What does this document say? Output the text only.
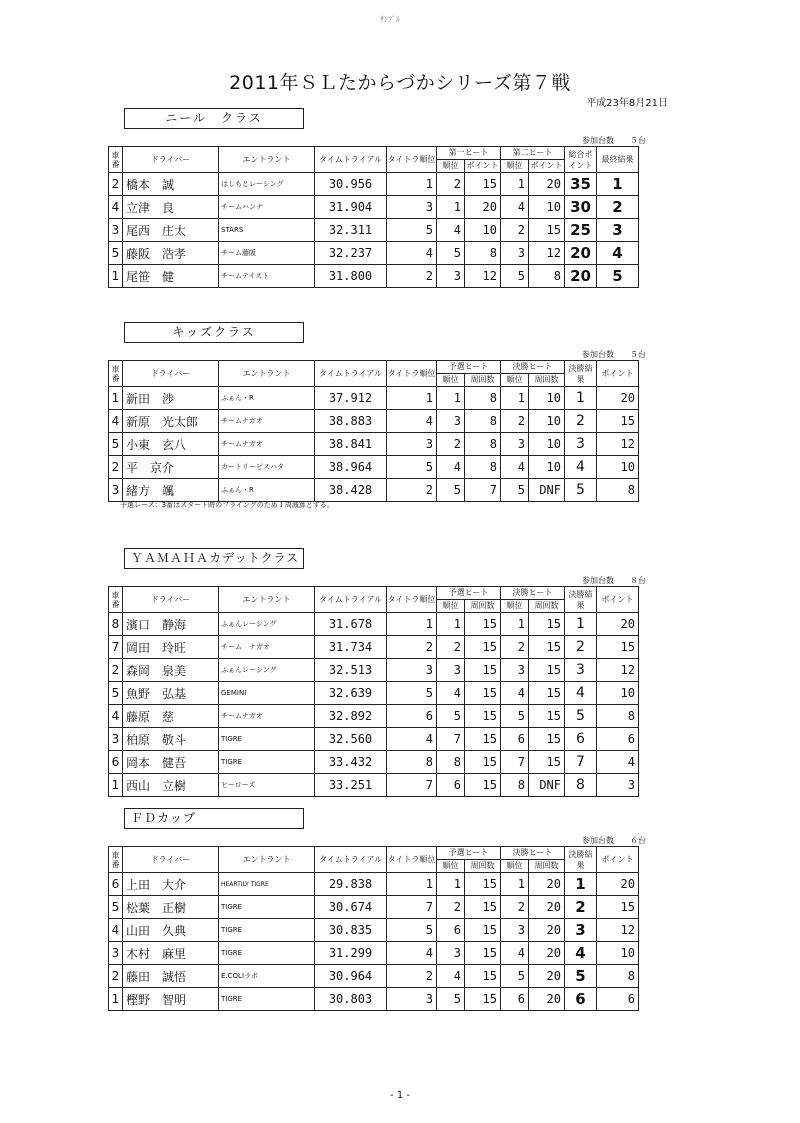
ｻﾝﾌﾟﾙ
2011年ＳＬたからづかシリーズ第７戦
平成23年8月21日
ニール　クラス
参加台数　　５台
車番	ドライバー	エントラント	タイムトライアル	タイトラ順位	第一ヒート		第二ヒート		総合ポイント	最終結果
					順位	ポイント	順位	ポイント		
2	橋本　誠	はしもとレーシング	30.956	1	2	15	1	20	35	1
4	立津　良	チームハンナ	31.904	3	1	20	4	10	30	2
3	尾西　庄太	STARS	32.311	5	4	10	2	15	25	3
5	藤阪　浩孝	チーム藤阪	32.237	4	5	8	3	12	20	4
1	尾笹　健	チームテイスト	31.800	2	3	12	5	8	20	5
キッズクラス
参加台数　　５台
車番	ドライバー	エントラント	タイムトライアル	タイトラ順位	予選ヒート		決勝ヒート		決勝結果	ポイント
					順位	周回数	順位	周回数		
1	新田　渉	ふぁん・R	37.912	1	1	8	1	10	1	20
4	新原　光太郎	チームナガオ	38.883	4	3	8	2	10	2	15
5	小東　玄八	チームナガオ	38.841	3	2	8	3	10	3	12
2	平　京介	カートリーピスハタ	38.964	5	4	8	4	10	4	10
3	緒方　颯	ふぁん・R	38.428	2	5	7	5	DNF	5	8
予選レース：3番はスタート時のフライングのため１周減算とする。
ＹＡＭＡＨＡカデットクラス
参加台数　　８台
車番	ドライバー	エントラント	タイムトライアル	タイトラ順位	予選ヒート		決勝ヒート		決勝結果	ポイント
					順位	周回数	順位	周回数		
8	濱口　静海	ふぁんレーシング	31.678	1	1	15	1	15	1	20
7	岡田　玲旺	チーム　ナガオ	31.734	2	2	15	2	15	2	15
2	森岡　泉美	ふぁんレーシング	32.513	3	3	15	3	15	3	12
5	魚野　弘基	GEMINI	32.639	5	4	15	4	15	4	10
4	藤原　慈	チームナガオ	32.892	6	5	15	5	15	5	8
3	柏原　敬斗	TIGRE	32.560	4	7	15	6	15	6	6
6	岡本　健吾	TIGRE	33.432	8	8	15	7	15	7	4
1	西山　立樹	ヒーローズ	33.251	7	6	15	8	DNF	8	3
ＦＤカップ
参加台数　　６台
車番	ドライバー	エントラント	タイムトライアル	タイトラ順位	予選ヒート		決勝ヒート		決勝結果	ポイント
					順位	周回数	順位	周回数		
6	上田　大介	HEARTILY TIGRE	29.838	1	1	15	1	20	1	20
5	松葉　正樹	TIGRE	30.674	7	2	15	2	20	2	15
4	山田　久典	TIGRE	30.835	5	6	15	3	20	3	12
3	木村　麻里	TIGRE	31.299	4	3	15	4	20	4	10
2	藤田　誠悟	E.COLIラボ	30.964	2	4	15	5	20	5	8
1	樫野　智明	TIGRE	30.803	3	5	15	6	20	6	6
- 1 -
